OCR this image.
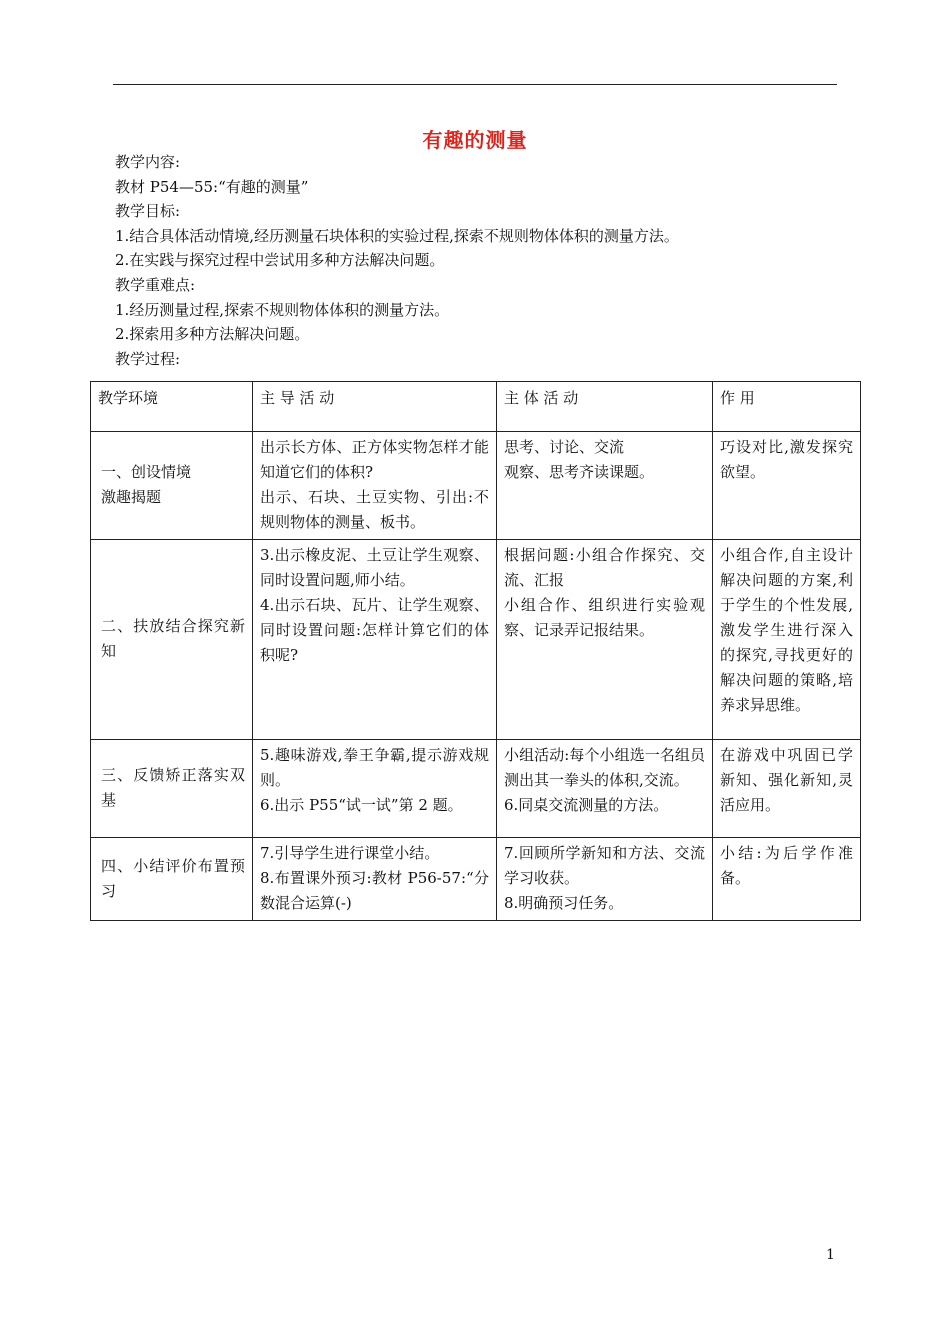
有趣的测量

教学内容:

教材 P54—55:“有趣的测量”

教学目标:

1.结合具体活动情境,经历测量石块体积的实验过程,探索不规则物体体积的测量方法。

2.在实践与探究过程中尝试用多种方法解决问题。

教学重难点:

1.经历测量过程,探索不规则物体体积的测量方法。

2.探索用多种方法解决问题。

教学过程:

教学环境	主 导 活 动	主 体 活 动	作 用

一、创设情境
激趣揭题	出示长方体、正方体实物怎样才能知道它们的体积?
出示、石块、土豆实物、引出:不规则物体的测量、板书。	思考、讨论、交流
观察、思考齐读课题。	巧设对比,激发探究欲望。

二、扶放结合探究新知	3.出示橡皮泥、土豆让学生观察、同时设置问题,师小结。
4.出示石块、瓦片、让学生观察、同时设置问题:怎样计算它们的体积呢?	根据问题:小组合作探究、交流、汇报
小组合作、组织进行实验观察、记录弄记报结果。	小组合作,自主设计解决问题的方案,利于学生的个性发展,激发学生进行深入的探究,寻找更好的解决问题的策略,培养求异思维。

三、反馈矫正落实双基	5.趣味游戏,拳王争霸,提示游戏规则。
6.出示 P55“试一试”第 2 题。	小组活动:每个小组选一名组员测出其一拳头的体积,交流。
6.同桌交流测量的方法。	在游戏中巩固已学新知、强化新知,灵活应用。

四、小结评价布置预习	7.引导学生进行课堂小结。
8.布置课外预习:教材 P56-57:“分数混合运算(-)	7.回顾所学新知和方法、交流学习收获。
8.明确预习任务。	小结:为后学作准备。
1
